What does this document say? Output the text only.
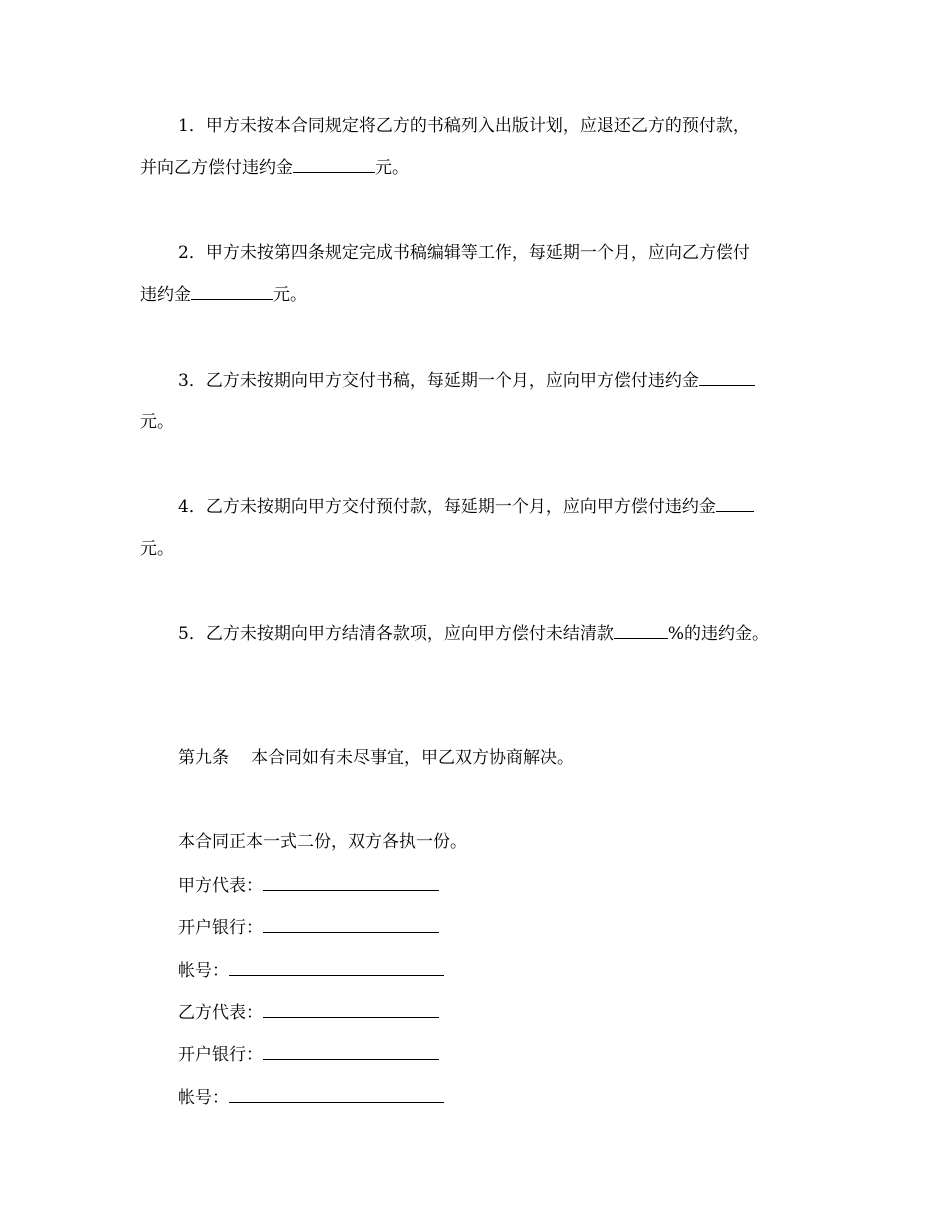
1．甲方未按本合同规定将乙方的书稿列入出版计划，应退还乙方的预付款，
并向乙方偿付违约金	元。
2．甲方未按第四条规定完成书稿编辑等工作，每延期一个月，应向乙方偿付
违约金	元。
3．乙方未按期向甲方交付书稿，每延期一个月，应向甲方偿付违约金
元。
4．乙方未按期向甲方交付预付款，每延期一个月，应向甲方偿付违约金
元。
5．乙方未按期向甲方结清各款项，应向甲方偿付未结清款	%的违约金。
第九条 本合同如有未尽事宜，甲乙双方协商解决。
本合同正本一式二份，双方各执一份。
甲方代表：
开户银行：
帐号：
乙方代表：
开户银行：
帐号：
